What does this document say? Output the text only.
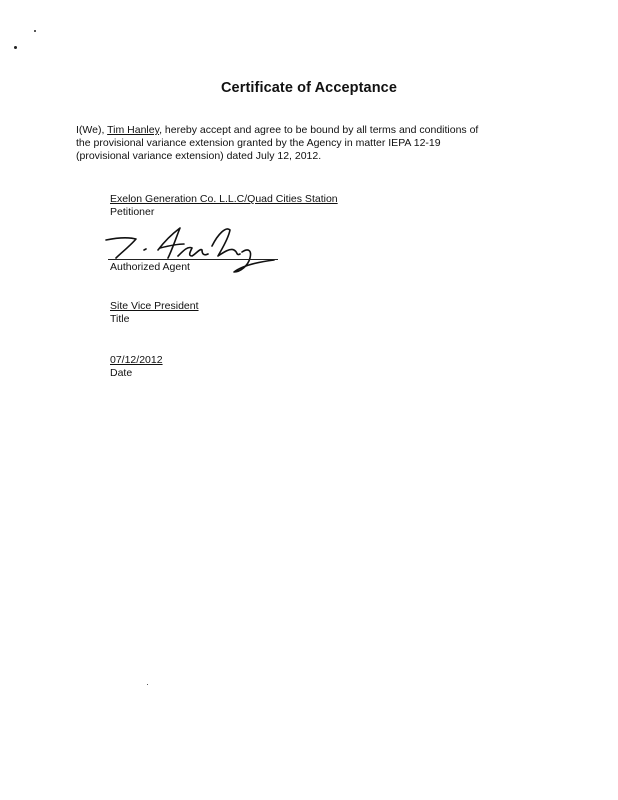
Certificate of Acceptance
I(We), Tim Hanley, hereby accept and agree to be bound by all terms and conditions of
the provisional variance extension granted by the Agency in matter IEPA 12-19
(provisional variance extension) dated July 12, 2012.
Exelon Generation Co. L.L.C/Quad Cities Station
Petitioner
Authorized Agent
Site Vice President
Title
07/12/2012
Date
